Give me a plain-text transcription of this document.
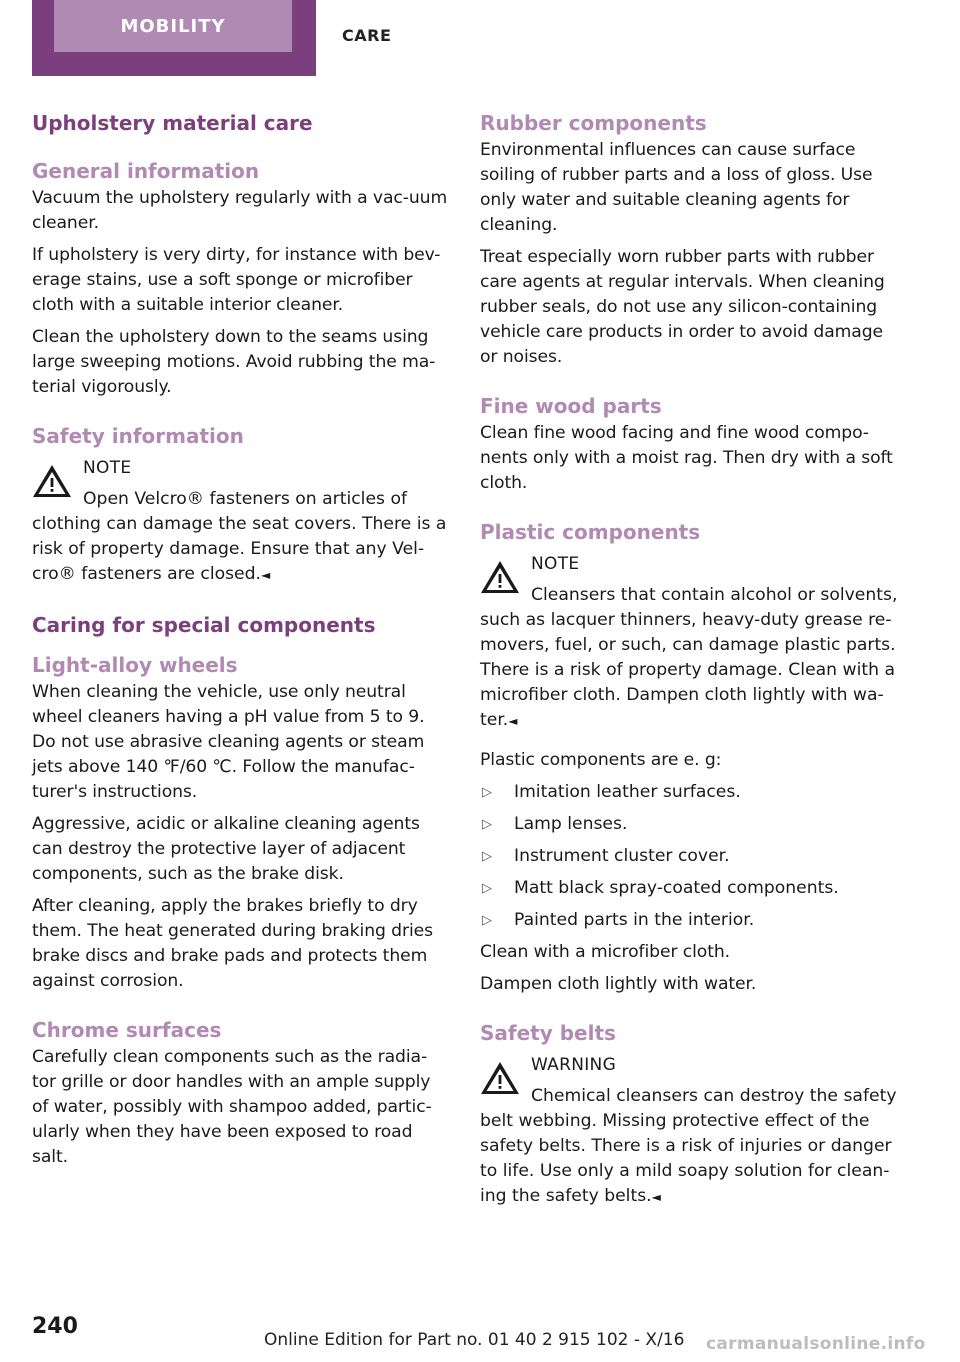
MOBILITY	CARE
Upholstery material care
General information

Vacuum the upholstery regularly with a vac-uum cleaner.

If upholstery is very dirty, for instance with bev-erage stains, use a soft sponge or microfiber cloth with a suitable interior cleaner.

Clean the upholstery down to the seams using large sweeping motions. Avoid rubbing the ma-terial vigorously.

Safety information
NOTE
Open Velcro® fasteners on articles of
clothing can damage the seat covers. There is a risk of property damage. Ensure that any Vel-cro® fasteners are closed.◄
Caring for special components
Light-alloy wheels

When cleaning the vehicle, use only neutral wheel cleaners having a pH value from 5 to 9. Do not use abrasive cleaning agents or steam jets above 140 ℉/60 ℃. Follow the manufac-turer's instructions.

Aggressive, acidic or alkaline cleaning agents can destroy the protective layer of adjacent components, such as the brake disk.

After cleaning, apply the brakes briefly to dry them. The heat generated during braking dries brake discs and brake pads and protects them against corrosion.

Chrome surfaces

Carefully clean components such as the radia-tor grille or door handles with an ample supply of water, possibly with shampoo added, partic-ularly when they have been exposed to road salt.

Rubber components

Environmental influences can cause surface soiling of rubber parts and a loss of gloss. Use only water and suitable cleaning agents for cleaning.

Treat especially worn rubber parts with rubber care agents at regular intervals. When cleaning rubber seals, do not use any silicon-containing vehicle care products in order to avoid damage or noises.

Fine wood parts

Clean fine wood facing and fine wood compo-nents only with a moist rag. Then dry with a soft cloth.

Plastic components
NOTE
Cleansers that contain alcohol or solvents,
such as lacquer thinners, heavy-duty grease re-movers, fuel, or such, can damage plastic parts. There is a risk of property damage. Clean with a microfiber cloth. Dampen cloth lightly with wa-ter.◄

Plastic components are e. g:

▷ Imitation leather surfaces.
▷ Lamp lenses.
▷ Instrument cluster cover.
▷ Matt black spray-coated components.
▷ Painted parts in the interior.

Clean with a microfiber cloth.

Dampen cloth lightly with water.

Safety belts
WARNING
Chemical cleansers can destroy the safety
belt webbing. Missing protective effect of the safety belts. There is a risk of injuries or danger to life. Use only a mild soapy solution for clean-ing the safety belts.◄
240
Online Edition for Part no. 01 40 2 915 102 - X/16 carmanualsonline.info
